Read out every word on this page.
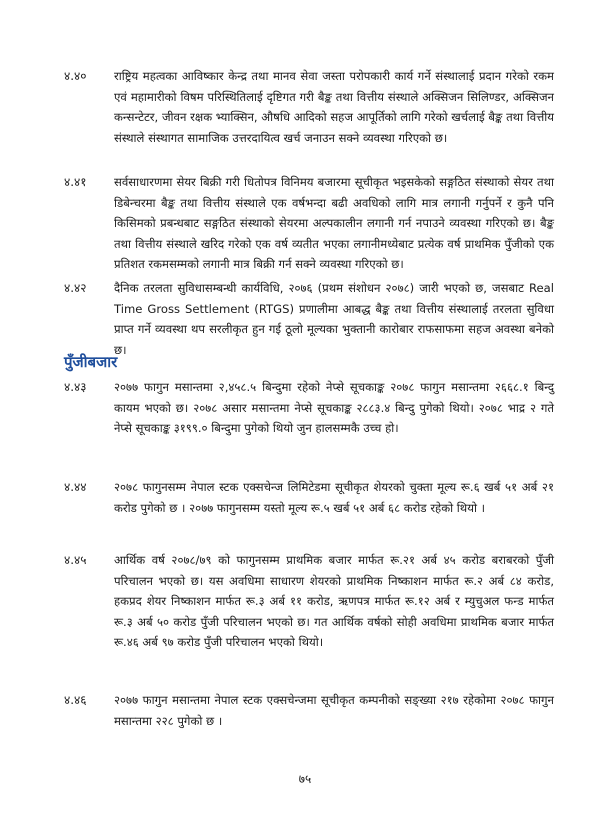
४.४०	राष्ट्रिय महत्वका आविष्कार केन्द्र तथा मानव सेवा जस्ता परोपकारी कार्य गर्ने संस्थालाई प्रदान गरेको रकम एवं महामारीको विषम परिस्थितिलाई दृष्टिगत गरी बैङ्क तथा वित्तीय संस्थाले अक्सिजन सिलिण्डर, अक्सिजन कन्सन्टेटर, जीवन रक्षक भ्याक्सिन, औषधि आदिको सहज आपूर्तिको लागि गरेको खर्चलाई बैङ्क तथा वित्तीय संस्थाले संस्थागत सामाजिक उत्तरदायित्व खर्च जनाउन सक्ने व्यवस्था गरिएको छ।
४.४१	सर्वसाधारणमा सेयर बिक्री गरी धितोपत्र विनिमय बजारमा सूचीकृत भइसकेको सङ्गठित संस्थाको सेयर तथा डिबेन्चरमा बैङ्क तथा वित्तीय संस्थाले एक वर्षभन्दा बढी अवधिको लागि मात्र लगानी गर्नुपर्ने र कुनै पनि किसिमको प्रबन्धबाट सङ्गठित संस्थाको सेयरमा अल्पकालीन लगानी गर्न नपाउने व्यवस्था गरिएको छ। बैङ्क तथा वित्तीय संस्थाले खरिद गरेको एक वर्ष व्यतीत भएका लगानीमध्येबाट प्रत्येक वर्ष प्राथमिक पुँजीको एक प्रतिशत रकमसम्मको लगानी मात्र बिक्री गर्न सक्ने व्यवस्था गरिएको छ।
४.४२	दैनिक तरलता सुविधासम्बन्धी कार्यविधि, २०७६ (प्रथम संशोधन २०७८) जारी भएको छ, जसबाट Real Time Gross Settlement (RTGS) प्रणालीमा आबद्ध बैङ्क तथा वित्तीय संस्थालाई तरलता सुविधा प्राप्त गर्ने व्यवस्था थप सरलीकृत हुन गई ठूलो मूल्यका भुक्तानी कारोबार राफसाफमा सहज अवस्था बनेको छ।
पुँजीबजार
४.४३	२०७७ फागुन मसान्तमा २,४५८.५ बिन्दुमा रहेको नेप्से सूचकाङ्क २०७८ फागुन मसान्तमा २६६८.१ बिन्दु कायम भएको छ। २०७८ असार मसान्तमा नेप्से सूचकाङ्क २८८३.४ बिन्दु पुगेको थियो। २०७८ भाद्र २ गते नेप्से सूचकाङ्क ३१९९.० बिन्दुमा पुगेको थियो जुन हालसम्मकै उच्च हो।
४.४४	२०७८ फागुनसम्म नेपाल स्टक एक्सचेन्ज लिमिटेडमा सूचीकृत शेयरको चुक्ता मूल्य रू.६ खर्ब ५१ अर्ब २१ करोड पुगेको छ । २०७७ फागुनसम्म यस्तो मूल्य रू.५ खर्ब ५१ अर्ब ६८ करोड रहेको थियो ।
४.४५	आर्थिक वर्ष २०७८/७९ को फागुनसम्म प्राथमिक बजार मार्फत रू.२१ अर्ब ४५ करोड बराबरको पुँजी परिचालन भएको छ। यस अवधिमा साधारण शेयरको प्राथमिक निष्काशन मार्फत रू.२ अर्ब ८४ करोड, हकप्रद शेयर निष्काशन मार्फत रू.३ अर्ब ११ करोड, ऋणपत्र मार्फत रू.१२ अर्ब र म्युचुअल फन्ड मार्फत रू.३ अर्ब ५० करोड पुँजी परिचालन भएको छ। गत आर्थिक वर्षको सोही अवधिमा प्राथमिक बजार मार्फत रू.४६ अर्ब ९७ करोड पुँजी परिचालन भएको थियो।
४.४६	२०७७ फागुन मसान्तमा नेपाल स्टक एक्सचेन्जमा सूचीकृत कम्पनीको सङ्ख्या २१७ रहेकोमा २०७८ फागुन मसान्तमा २२८ पुगेको छ ।
७५
